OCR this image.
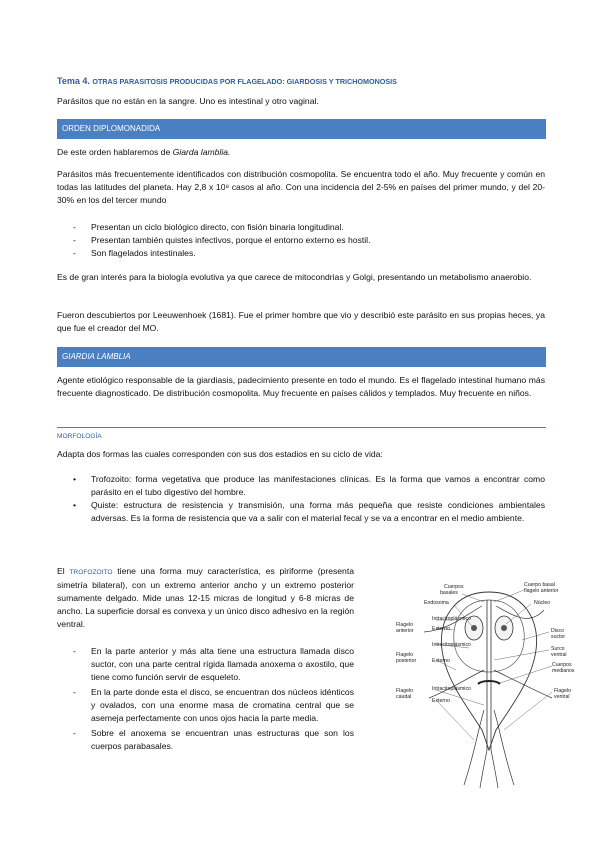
Tema 4. OTRAS PARASITOSIS PRODUCIDAS POR FLAGELADO: GIARDOSIS Y TRICHOMONOSIS
Parásitos que no están en la sangre. Uno es intestinal y otro vaginal.
ORDEN DIPLOMONADIDA
De este orden hablaremos de Giarda lamblia.
Parásitos más frecuentemente identificados con distribución cosmopolita. Se encuentra todo el año. Muy frecuente y común en todas las latitudes del planeta. Hay 2,8 x 10⁸ casos al año. Con una incidencia del 2-5% en países del primer mundo, y del 20-30% en los del tercer mundo
- Presentan un ciclo biológico directo, con fisión binaria longitudinal.
- Presentan también quistes infectivos, porque el entorno externo es hostil.
- Son flagelados intestinales.
Es de gran interés para la biología evolutiva ya que carece de mitocondrias y Golgi, presentando un metabolismo anaerobio.
Fueron descubiertos por Leeuwenhoek (1681). Fue el primer hombre que vio y describió este parásito en sus propias heces, ya que fue el creador del MO.
GIARDIA LAMBLIA
Agente etiológico responsable de la giardiasis, padecimiento presente en todo el mundo. Es el flagelado intestinal humano más frecuente diagnosticado. De distribución cosmopolita. Muy frecuente en países cálidos y templados. Muy frecuente en niños.
MORFOLOGÍA
Adapta dos formas las cuales corresponden con sus dos estadios en su ciclo de vida:
• Trofozoito: forma vegetativa que produce las manifestaciones clínicas. Es la forma que vamos a encontrar como parásito en el tubo digestivo del hombre.
• Quiste: estructura de resistencia y transmisión, una forma más pequeña que resiste condiciones ambientales adversas. Es la forma de resistencia que va a salir con el material fecal y se va a encontrar en el medio ambiente.
El TROFOZOITO tiene una forma muy característica, es piriforme (presenta simetría bilateral), con un extremo anterior ancho y un extremo posterior sumamente delgado. Mide unas 12-15 micras de longitud y 6-8 micras de ancho. La superficie dorsal es convexa y un único disco adhesivo en la región ventral.
- En la parte anterior y más alta tiene una estructura llamada disco suctor, con una parte central rígida llamada anoxema o axostilo, que tiene como función servir de esqueleto.
- En la parte donde esta el disco, se encuentran dos núcleos idénticos y ovalados, con una enorme masa de cromatina central que se asemeja perfectamente con unos ojos hacia la parte media.
- Sobre el anoxema se encuentran unas estructuras que son los cuerpos parabasales.
Cuerpos basales
Cuerpo basal flagelo anterior
Endosoma	Núcleo
Flagelo anterior
Intracitoplásmico
Externo	Disco suctor
Intracitoplásmico
Surco ventral
Flagelo posterior	Externo
Cuerpos medianos
Intracitoplásmico
Flagelo caudal
Flagelo ventral
Externo
